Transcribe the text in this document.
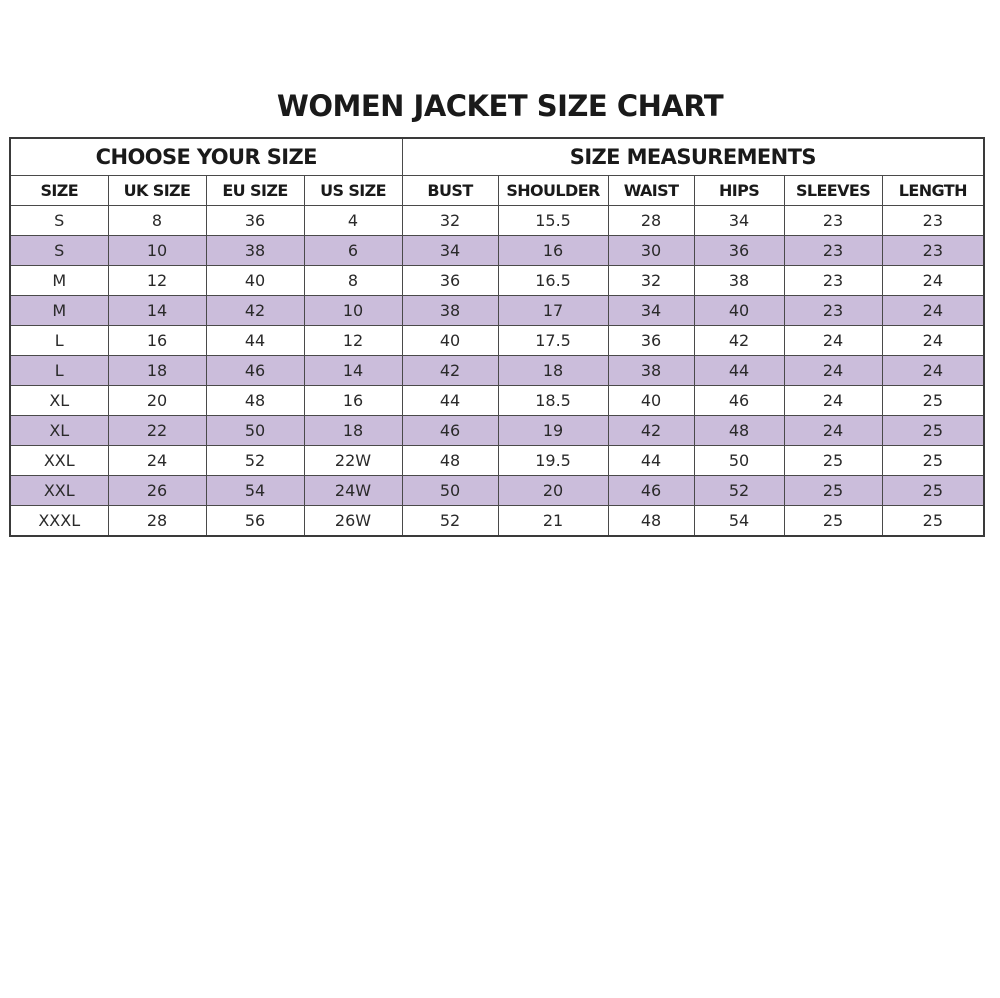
WOMEN JACKET SIZE CHART
CHOOSE YOUR SIZE				SIZE MEASUREMENTS					
SIZE	UK SIZE	EU SIZE	US SIZE	BUST	SHOULDER	WAIST	HIPS	SLEEVES	LENGTH
S	8	36	4	32	15.5	28	34	23	23
S	10	38	6	34	16	30	36	23	23
M	12	40	8	36	16.5	32	38	23	24
M	14	42	10	38	17	34	40	23	24
L	16	44	12	40	17.5	36	42	24	24
L	18	46	14	42	18	38	44	24	24
XL	20	48	16	44	18.5	40	46	24	25
XL	22	50	18	46	19	42	48	24	25
XXL	24	52	22W	48	19.5	44	50	25	25
XXL	26	54	24W	50	20	46	52	25	25
XXXL	28	56	26W	52	21	48	54	25	25
